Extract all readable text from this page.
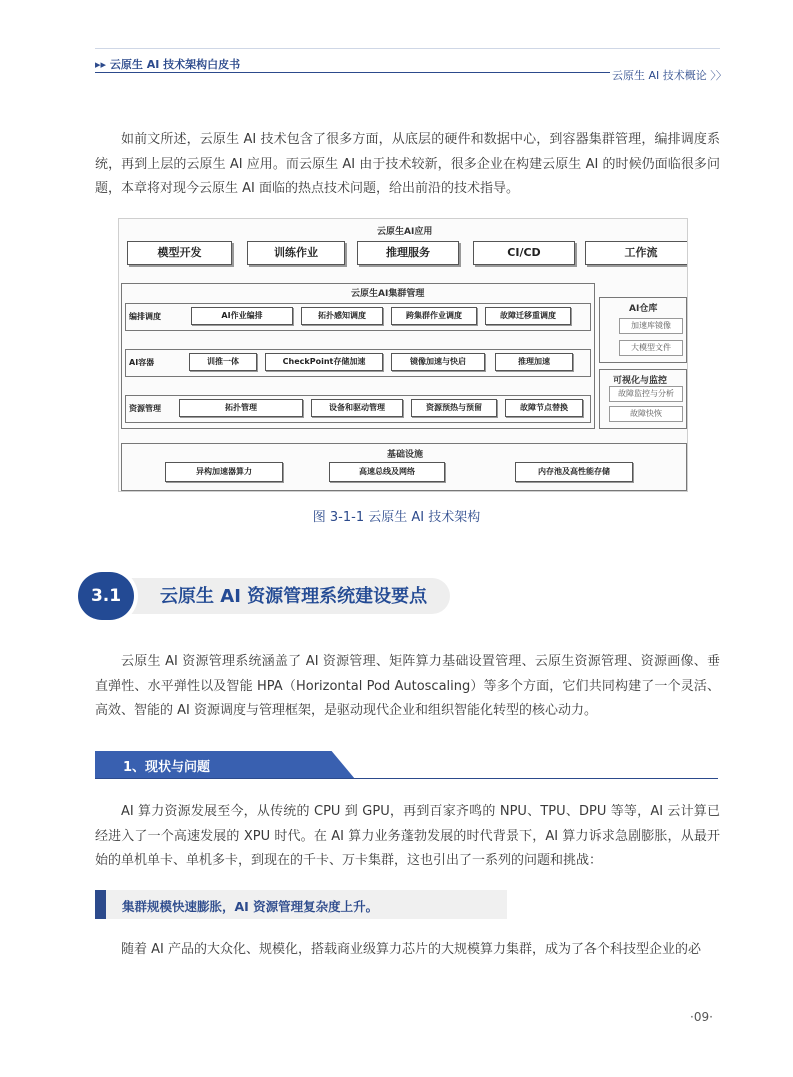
▸▸ 云原生 AI 技术架构白皮书
云原生 AI 技术概论 〉〉
如前文所述，云原生 AI 技术包含了很多方面，从底层的硬件和数据中心，到容器集群管理，编排调度系统，再到上层的云原生 AI 应用。而云原生 AI 由于技术较新，很多企业在构建云原生 AI 的时候仍面临很多问题，本章将对现今云原生 AI 面临的热点技术问题，给出前沿的技术指导。
云原生AI应用
模型开发	训练作业	推理服务	CI/CD	工作流
云原生AI集群管理
编排调度	AI作业编排	拓扑感知调度	跨集群作业调度	故障迁移重调度
AI容器	训推一体	CheckPoint存储加速	镜像加速与快启	推理加速
资源管理	拓扑管理	设备和驱动管理	资源预热与预留	故障节点替换
AI仓库
加速库镜像
大模型文件
可视化与监控
故障监控与分析
故障快恢
基础设施
异构加速器算力	高速总线及网络	内存池及高性能存储
图 3-1-1 云原生 AI 技术架构
3.1	云原生 AI 资源管理系统建设要点
云原生 AI 资源管理系统涵盖了 AI 资源管理、矩阵算力基础设置管理、云原生资源管理、资源画像、垂直弹性、水平弹性以及智能 HPA（Horizontal Pod Autoscaling）等多个方面，它们共同构建了一个灵活、高效、智能的 AI 资源调度与管理框架，是驱动现代企业和组织智能化转型的核心动力。
1、现状与问题
AI 算力资源发展至今，从传统的 CPU 到 GPU，再到百家齐鸣的 NPU、TPU、DPU 等等，AI 云计算已经进入了一个高速发展的 XPU 时代。在 AI 算力业务蓬勃发展的时代背景下，AI 算力诉求急剧膨胀，从最开始的单机单卡、单机多卡，到现在的千卡、万卡集群，这也引出了一系列的问题和挑战：
集群规模快速膨胀，AI 资源管理复杂度上升。
随着 AI 产品的大众化、规模化，搭载商业级算力芯片的大规模算力集群，成为了各个科技型企业的必
·09·
